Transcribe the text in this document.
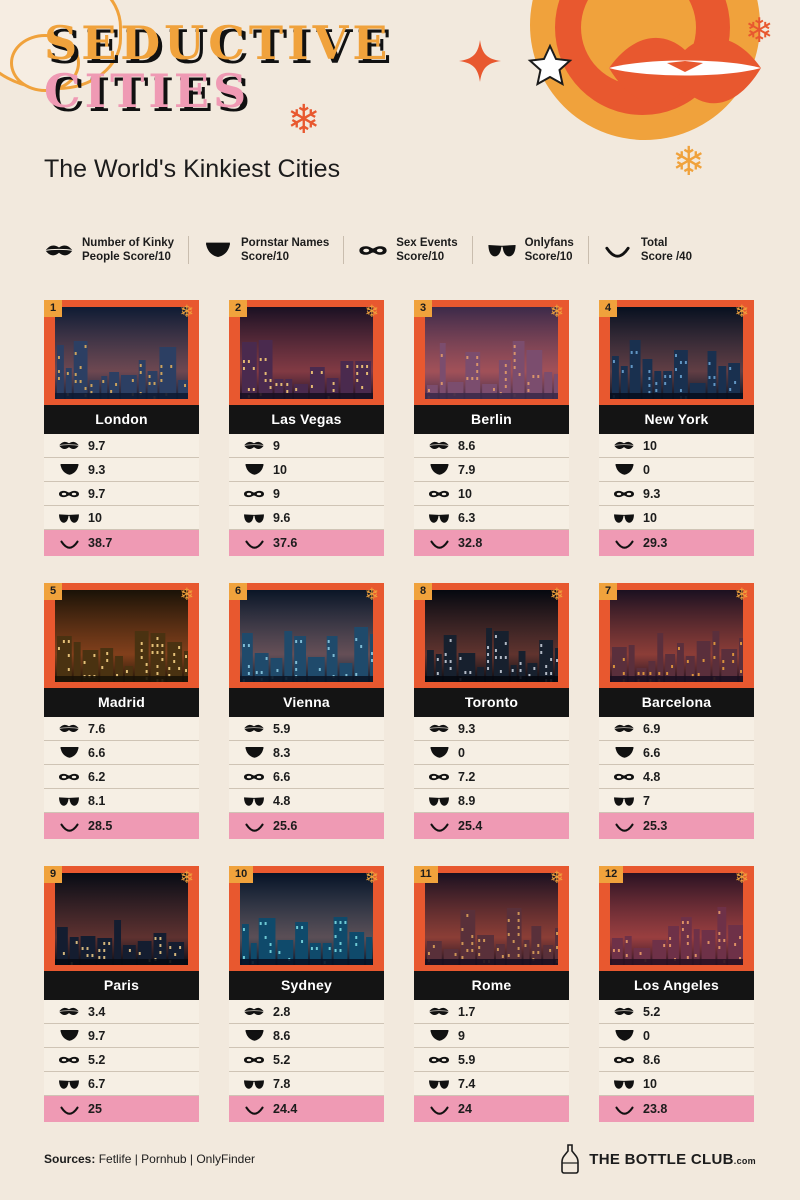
❄
❄
❄
SEDUCTIVE
CITIES
The World's Kinkiest Cities
Number of Kinky
People Score/10
Pornstar Names
Score/10
Sex Events
Score/10
Onlyfans
Score/10
Total
Score /40
1	❄
London
9.7
9.3
9.7
10
38.7
2	❄
Las Vegas
9
10
9
9.6
37.6
3	❄
Berlin
8.6
7.9
10
6.3
32.8
4	❄
New York
10
0
9.3
10
29.3
5	❄
Madrid
7.6
6.6
6.2
8.1
28.5
6	❄
Vienna
5.9
8.3
6.6
4.8
25.6
8	❄
Toronto
9.3
0
7.2
8.9
25.4
7	❄
Barcelona
6.9
6.6
4.8
7
25.3
9	❄
Paris
3.4
9.7
5.2
6.7
25
10	❄
Sydney
2.8
8.6
5.2
7.8
24.4
11	❄
Rome
1.7
9
5.9
7.4
24
12	❄
Los Angeles
5.2
0
8.6
10
23.8
Sources: Fetlife | Pornhub | OnlyFinder	THE BOTTLE CLUB.com
